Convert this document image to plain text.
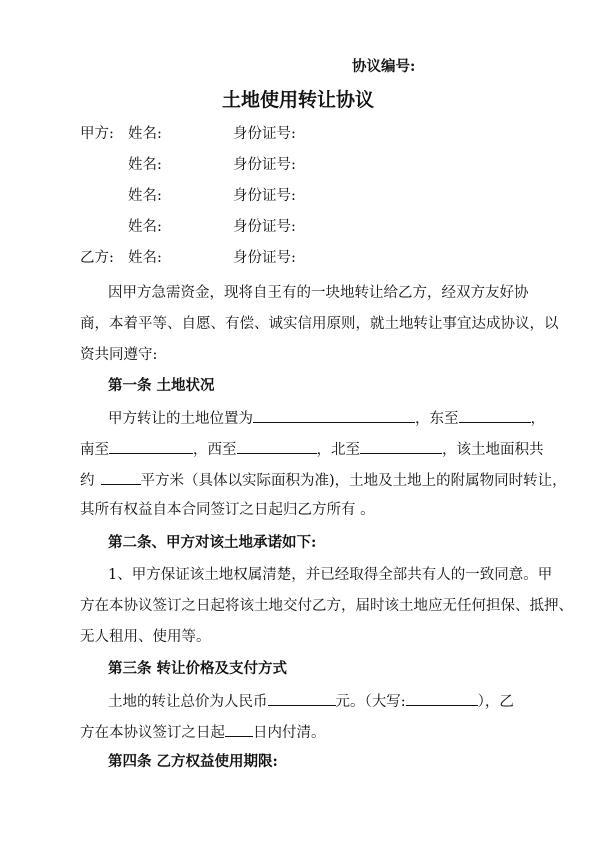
协议编号:
土地使用转让协议
甲方: 姓名:	身份证号:
姓名:	身份证号:
姓名:	身份证号:
姓名:	身份证号:
乙方: 姓名:	身份证号:
因甲方急需资金，现将自王有的一块地转让给乙方，经双方友好协
商，本着平等、自愿、有偿、诚实信用原则，就土地转让事宜达成协议，以
资共同遵守:
第一条 土地状况
甲方转让的土地位置为	，东至	，
南至	，西至	，北至	，该土地面积共
约	平方米（具体以实际面积为准)，土地及土地上的附属物同时转让，
其所有权益自本合同签订之日起归乙方所有 。
第二条、甲方对该土地承诺如下:
1、甲方保证该土地权属清楚，并已经取得全部共有人的一致同意。甲
方在本协议签订之日起将该土地交付乙方，届时该土地应无任何担保、抵押、
无人租用、使用等。
第三条 转让价格及支付方式
土地的转让总价为人民币	元。（大写:	），乙
方在本协议签订之日起 日内付清。
第四条 乙方权益使用期限:
